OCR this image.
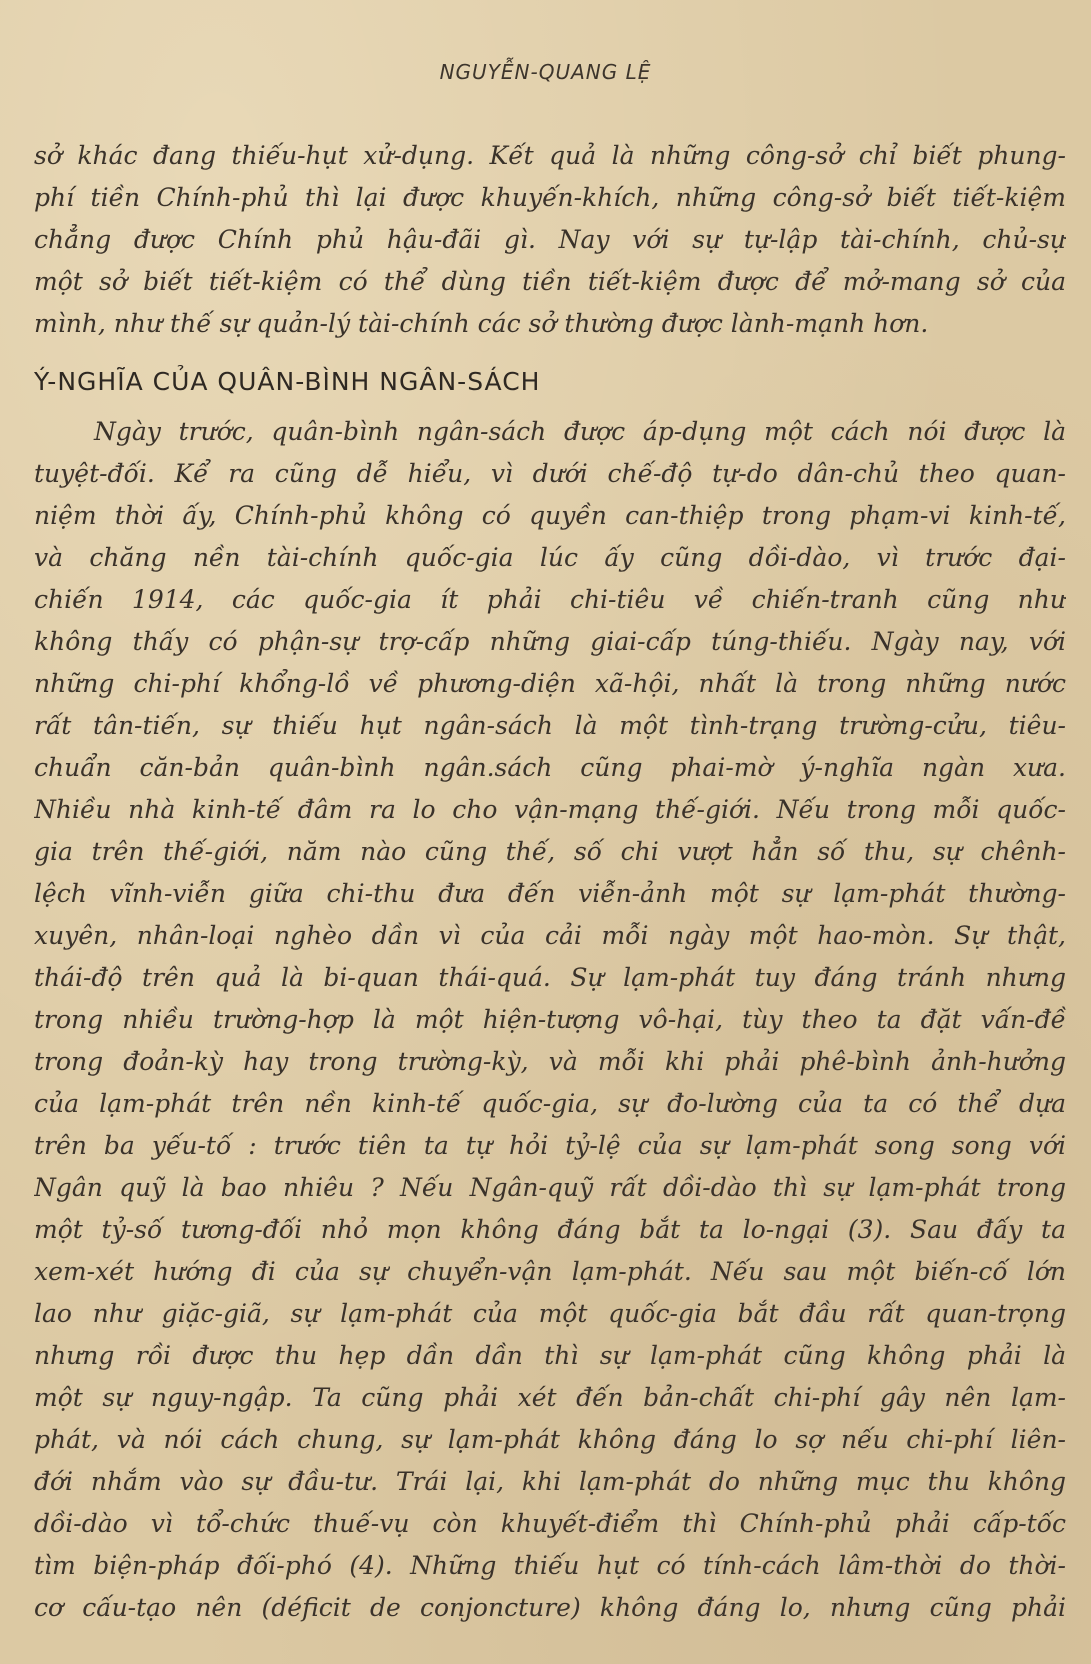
NGUYỄN-QUANG LỆ
sở khác đang thiếu-hụt xử-dụng. Kết quả là những công-sở chỉ biết phung-
phí tiền Chính-phủ thì lại được khuyến-khích, những công-sở biết tiết-kiệm
chẳng được Chính phủ hậu-đãi gì. Nay với sự tự-lập tài-chính, chủ-sự
một sở biết tiết-kiệm có thể dùng tiền tiết-kiệm được để mở-mang sở của
mình, như thế sự quản-lý tài-chính các sở thường được lành-mạnh hơn.
Ý-NGHĨA CỦA QUÂN-BÌNH NGÂN-SÁCH
Ngày trước, quân-bình ngân-sách được áp-dụng một cách nói được là
tuyệt-đối. Kể ra cũng dễ hiểu, vì dưới chế-độ tự-do dân-chủ theo quan-
niệm thời ấy, Chính-phủ không có quyền can-thiệp trong phạm-vi kinh-tế,
và chăng nền tài-chính quốc-gia lúc ấy cũng dồi-dào, vì trước đại-
chiến 1914, các quốc-gia ít phải chi-tiêu về chiến-tranh cũng như
không thấy có phận-sự trợ-cấp những giai-cấp túng-thiếu. Ngày nay, với
những chi-phí khổng-lồ về phương-diện xã-hội, nhất là trong những nước
rất tân-tiến, sự thiếu hụt ngân-sách là một tình-trạng trường-cửu, tiêu-
chuẩn căn-bản quân-bình ngân.sách cũng phai-mờ ý-nghĩa ngàn xưa.
Nhiều nhà kinh-tế đâm ra lo cho vận-mạng thế-giới. Nếu trong mỗi quốc-
gia trên thế-giới, năm nào cũng thế, số chi vượt hẳn số thu, sự chênh-
lệch vĩnh-viễn giữa chi-thu đưa đến viễn-ảnh một sự lạm-phát thường-
xuyên, nhân-loại nghèo dần vì của cải mỗi ngày một hao-mòn. Sự thật,
thái-độ trên quả là bi-quan thái-quá. Sự lạm-phát tuy đáng tránh nhưng
trong nhiều trường-hợp là một hiện-tượng vô-hại, tùy theo ta đặt vấn-đề
trong đoản-kỳ hay trong trường-kỳ, và mỗi khi phải phê-bình ảnh-hưởng
của lạm-phát trên nền kinh-tế quốc-gia, sự đo-lường của ta có thể dựa
trên ba yếu-tố : trước tiên ta tự hỏi tỷ-lệ của sự lạm-phát song song với
Ngân quỹ là bao nhiêu ? Nếu Ngân-quỹ rất dồi-dào thì sự lạm-phát trong
một tỷ-số tương-đối nhỏ mọn không đáng bắt ta lo-ngại (3). Sau đấy ta
xem-xét hướng đi của sự chuyển-vận lạm-phát. Nếu sau một biến-cố lớn
lao như giặc-giã, sự lạm-phát của một quốc-gia bắt đầu rất quan-trọng
nhưng rồi được thu hẹp dần dần thì sự lạm-phát cũng không phải là
một sự nguy-ngập. Ta cũng phải xét đến bản-chất chi-phí gây nên lạm-
phát, và nói cách chung, sự lạm-phát không đáng lo sợ nếu chi-phí liên-
đới nhắm vào sự đầu-tư. Trái lại, khi lạm-phát do những mục thu không
dồi-dào vì tổ-chức thuế-vụ còn khuyết-điểm thì Chính-phủ phải cấp-tốc
tìm biện-pháp đối-phó (4). Những thiếu hụt có tính-cách lâm-thời do thời-
cơ cấu-tạo nên (déficit de conjoncture) không đáng lo, nhưng cũng phải
